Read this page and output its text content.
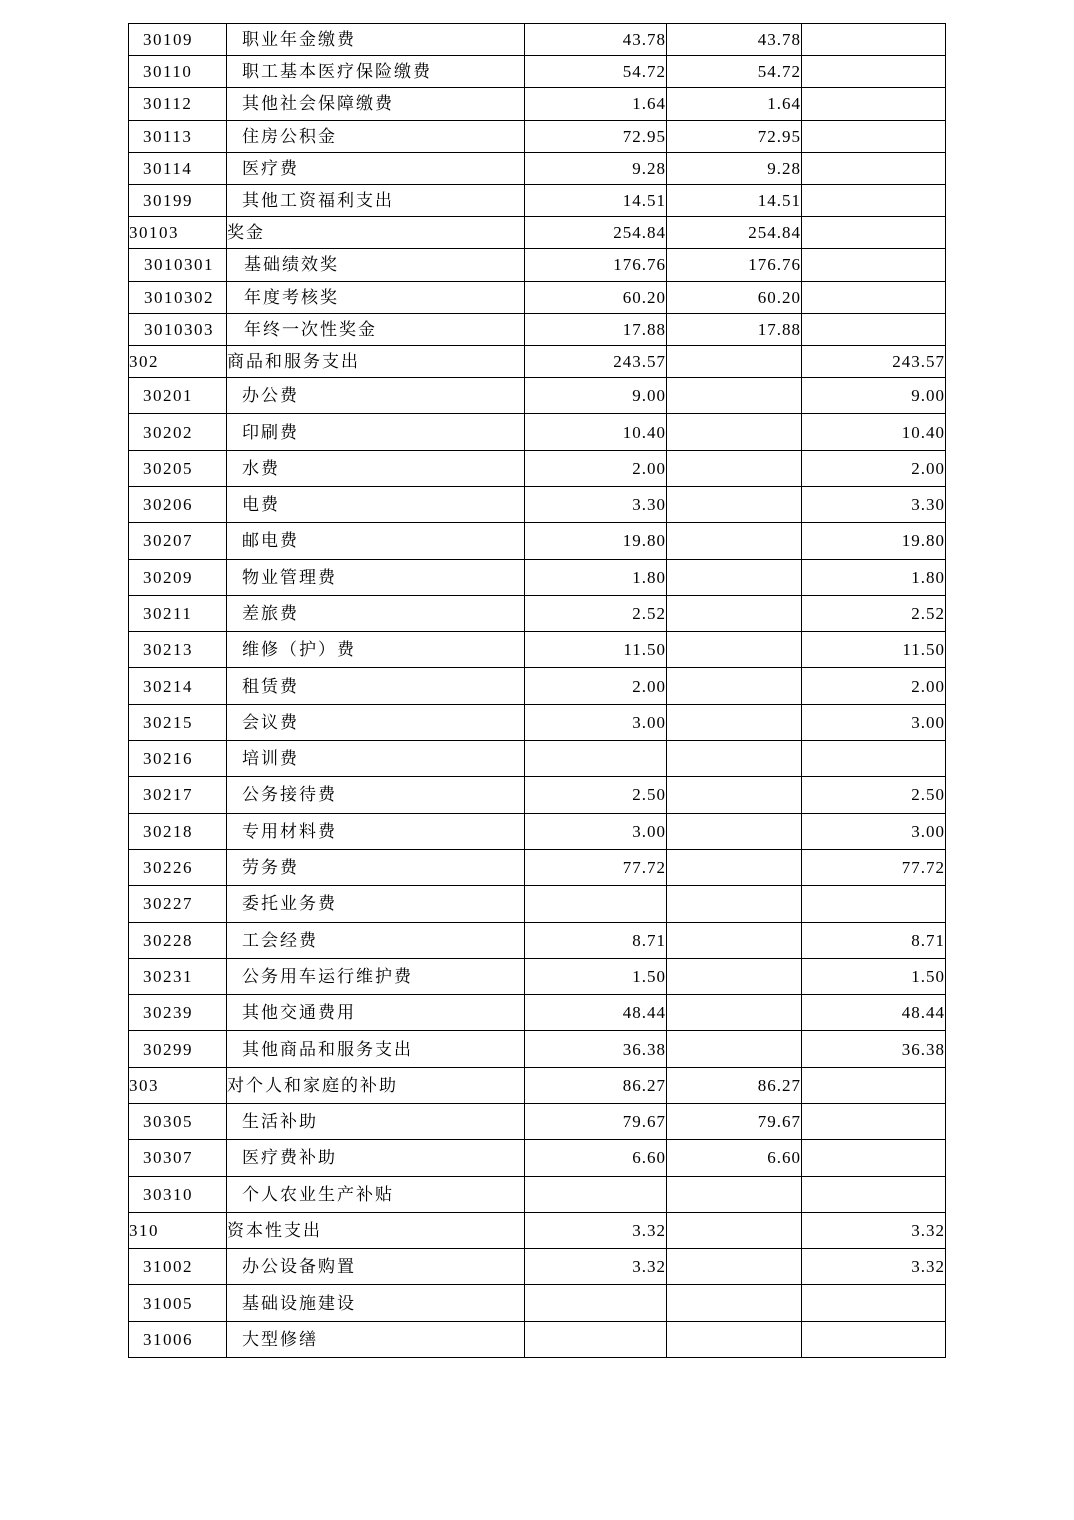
30109	职业年金缴费	43.78	43.78	
30110	职工基本医疗保险缴费	54.72	54.72	
30112	其他社会保障缴费	1.64	1.64	
30113	住房公积金	72.95	72.95	
30114	医疗费	9.28	9.28	
30199	其他工资福利支出	14.51	14.51	
30103	奖金	254.84	254.84	
3010301	基础绩效奖	176.76	176.76	
3010302	年度考核奖	60.20	60.20	
3010303	年终一次性奖金	17.88	17.88	
302	商品和服务支出	243.57		243.57
30201	办公费	9.00		9.00
30202	印刷费	10.40		10.40
30205	水费	2.00		2.00
30206	电费	3.30		3.30
30207	邮电费	19.80		19.80
30209	物业管理费	1.80		1.80
30211	差旅费	2.52		2.52
30213	维修（护）费	11.50		11.50
30214	租赁费	2.00		2.00
30215	会议费	3.00		3.00
30216	培训费			
30217	公务接待费	2.50		2.50
30218	专用材料费	3.00		3.00
30226	劳务费	77.72		77.72
30227	委托业务费			
30228	工会经费	8.71		8.71
30231	公务用车运行维护费	1.50		1.50
30239	其他交通费用	48.44		48.44
30299	其他商品和服务支出	36.38		36.38
303	对个人和家庭的补助	86.27	86.27	
30305	生活补助	79.67	79.67	
30307	医疗费补助	6.60	6.60	
30310	个人农业生产补贴			
310	资本性支出	3.32		3.32
31002	办公设备购置	3.32		3.32
31005	基础设施建设			
31006	大型修缮			
